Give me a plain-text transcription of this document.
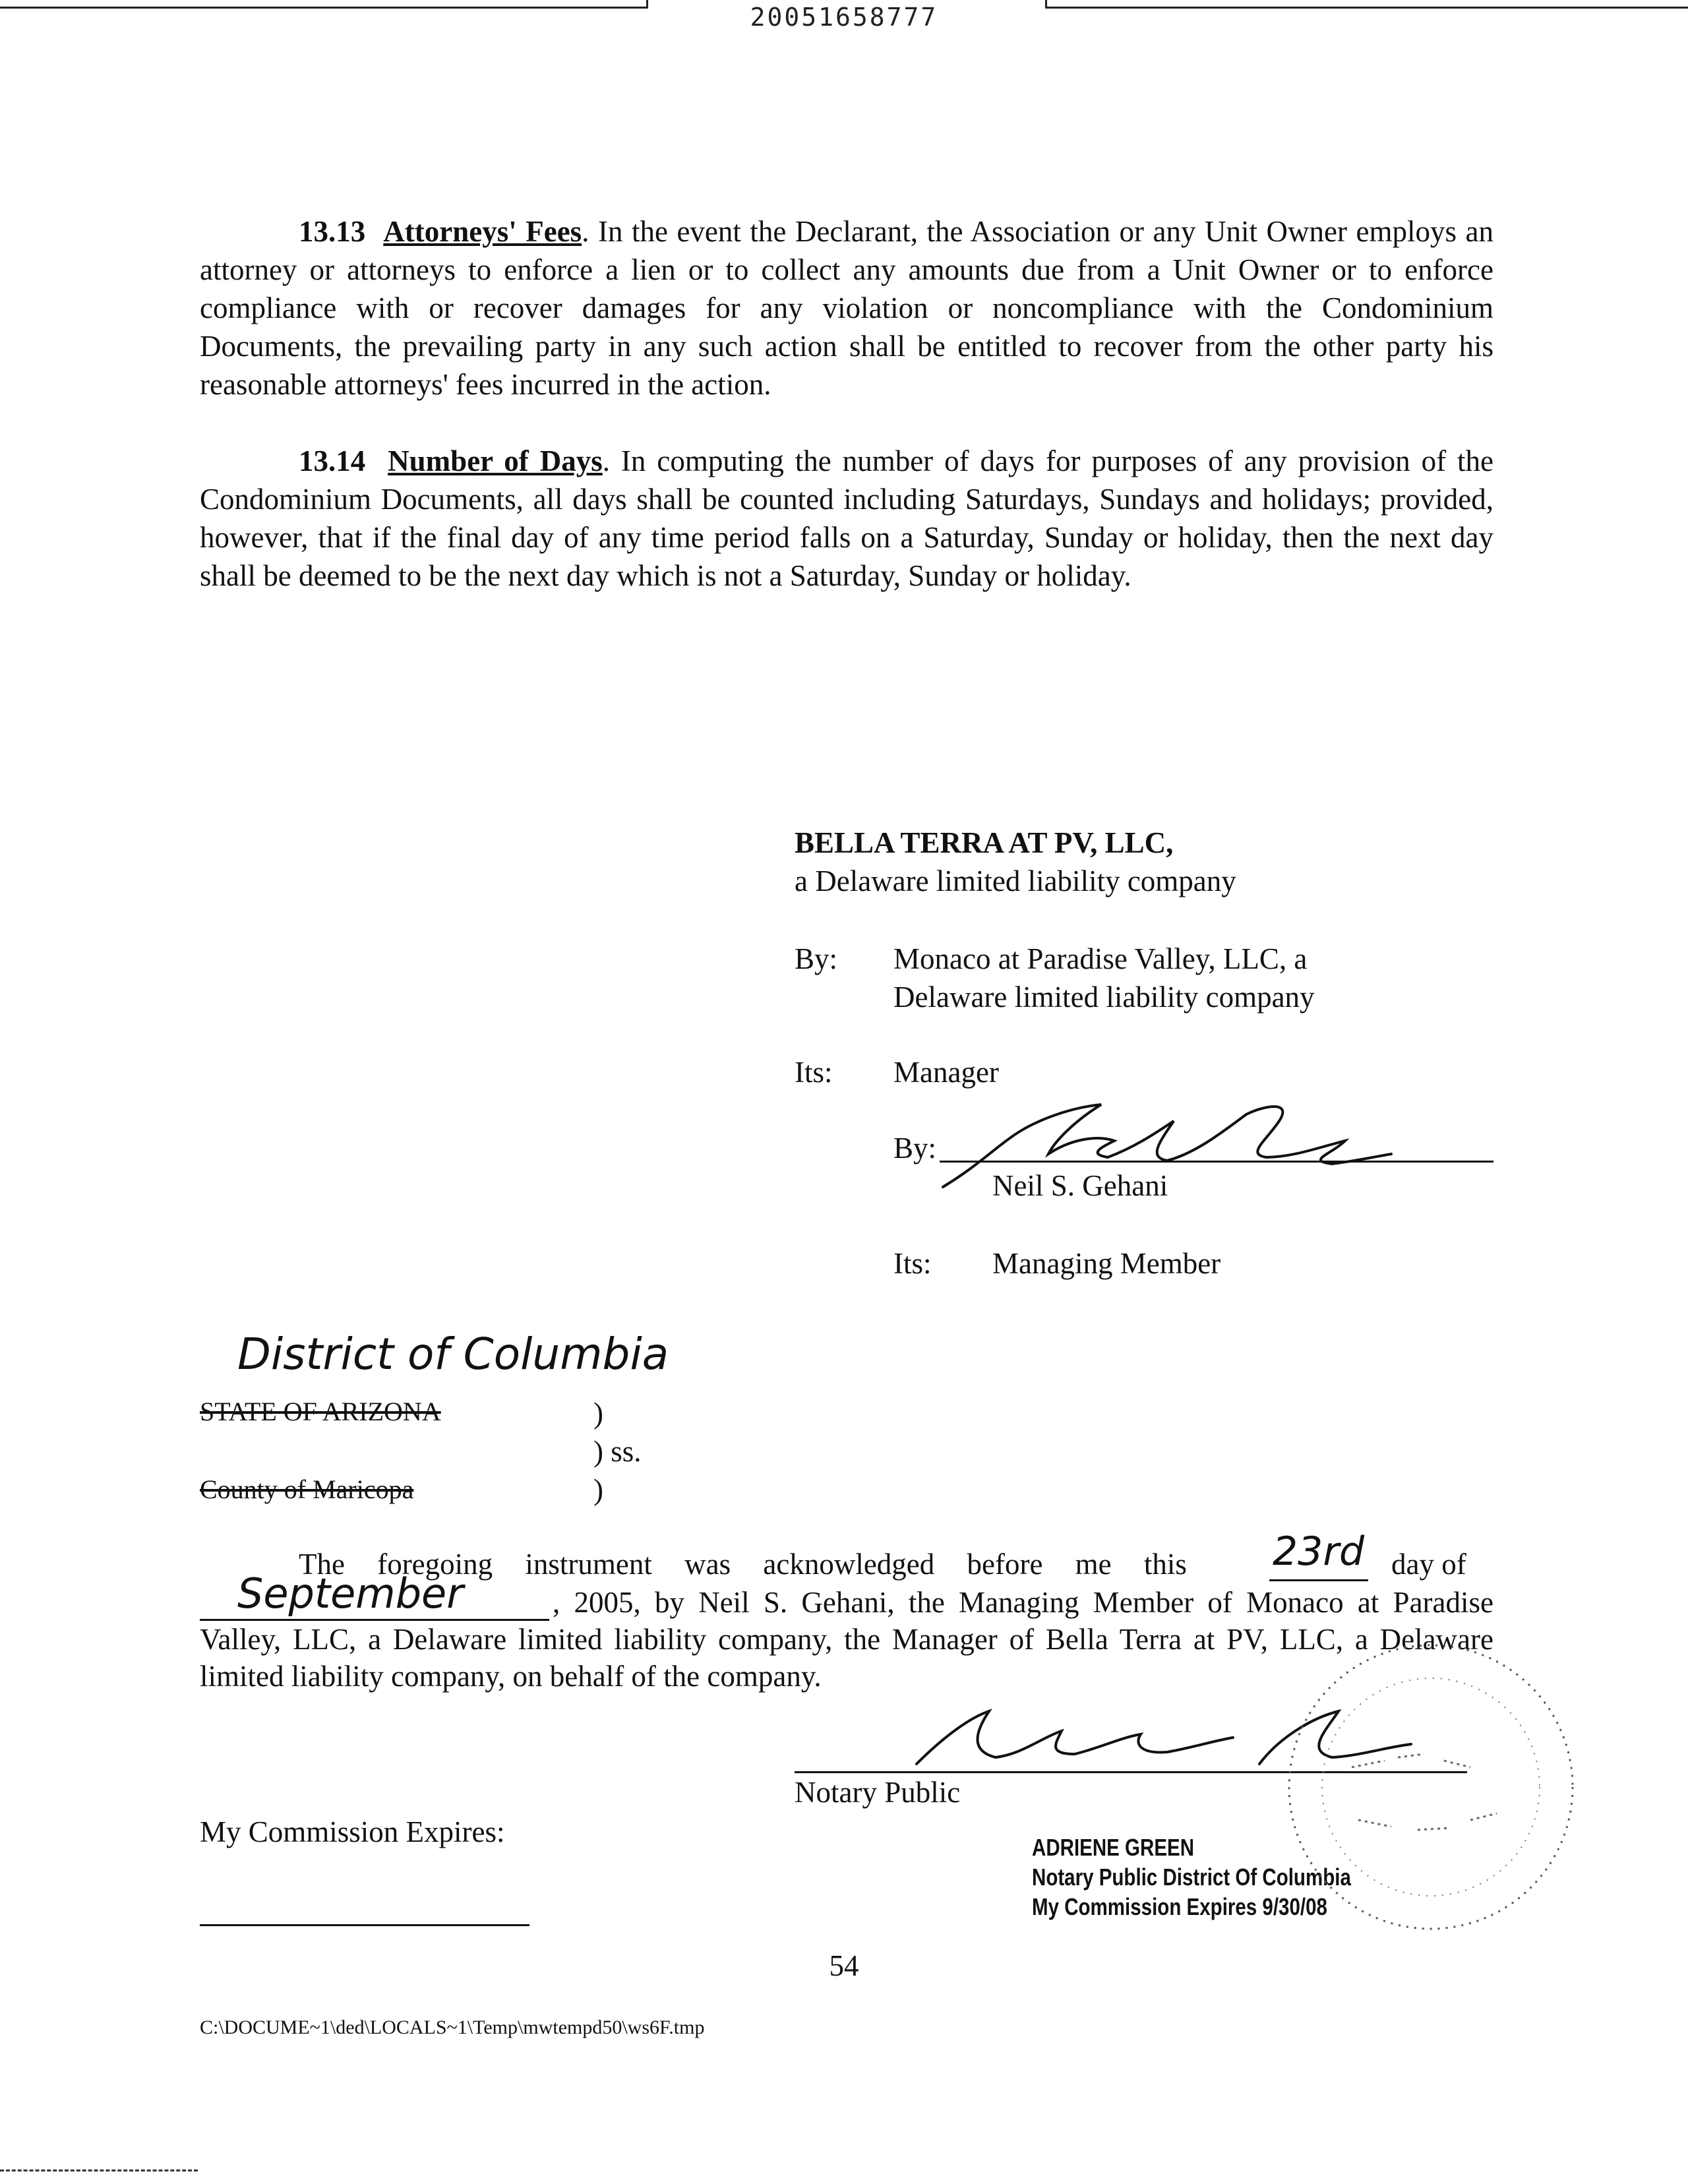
20051658777
13.13 Attorneys' Fees. In the event the Declarant, the Association or any Unit Owner employs an attorney or attorneys to enforce a lien or to collect any amounts due from a Unit Owner or to enforce compliance with or recover damages for any violation or noncompliance with the Condominium Documents, the prevailing party in any such action shall be entitled to recover from the other party his reasonable attorneys' fees incurred in the action.
13.14 Number of Days. In computing the number of days for purposes of any provision of the Condominium Documents, all days shall be counted including Saturdays, Sundays and holidays; provided, however, that if the final day of any time period falls on a Saturday, Sunday or holiday, then the next day shall be deemed to be the next day which is not a Saturday, Sunday or holiday.
BELLA TERRA AT PV, LLC,
a Delaware limited liability company
By: Monaco at Paradise Valley, LLC, a
Delaware limited liability company
Its: Manager
By:
Neil S. Gehani
Its: Managing Member
District of Columbia
STATE OF ARIZONA	)
) ss.
County of Maricopa	)
The foregoing instrument was acknowledged before me this	23rd day of
September	, 2005, by Neil S. Gehani, the Managing Member of Monaco at Paradise Valley, LLC, a Delaware limited liability company, the Manager of Bella Terra at PV, LLC, a Delaware limited liability company, on behalf of the company.
Notary Public
My Commission Expires:	ADRIENE GREEN
Notary Public District Of Columbia
My Commission Expires 9/30/08
54
C:\DOCUME~1\ded\LOCALS~1\Temp\mwtempd50\ws6F.tmp
